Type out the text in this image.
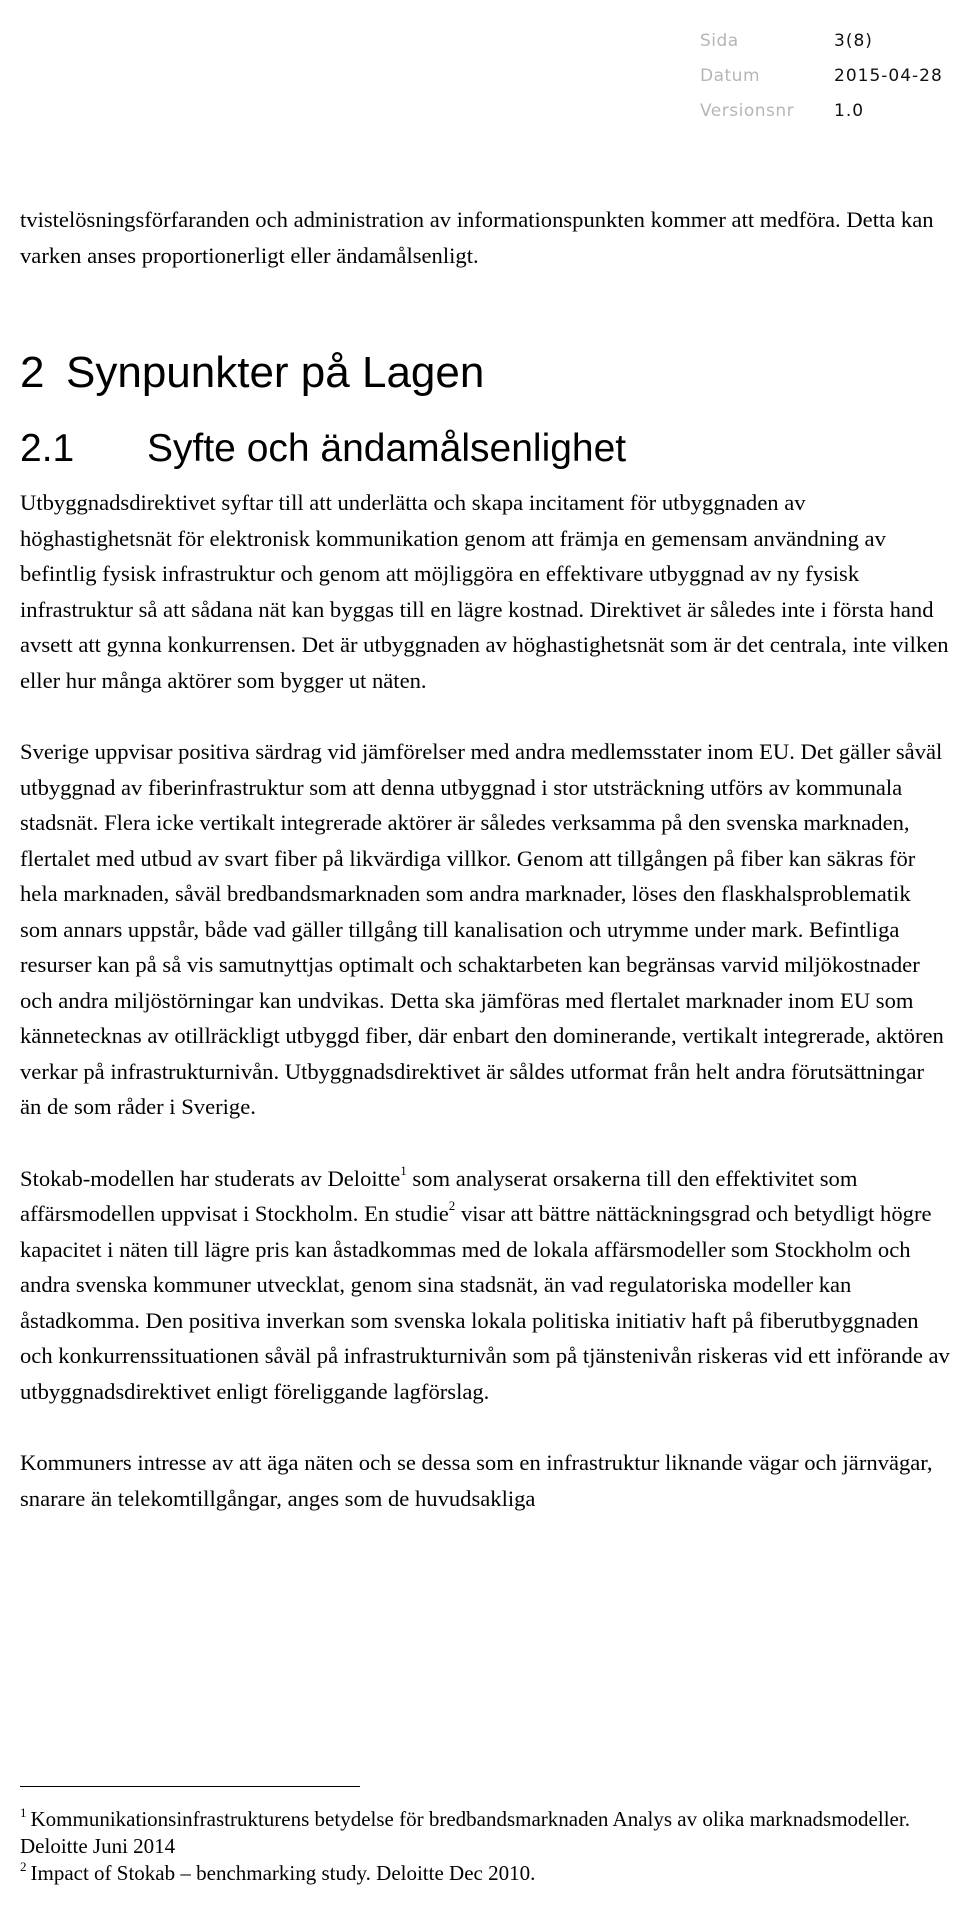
Sida	3(8)
Datum	2015-04-28
Versionsnr	1.0

tvistelösningsförfaranden och administration av informationspunkten kommer att medföra. Detta kan varken anses proportionerligt eller ändamålsenligt.

2 Synpunkter på Lagen
2.1	Syfte och ändamålsenlighet

Utbyggnadsdirektivet syftar till att underlätta och skapa incitament för utbyggnaden av höghastighetsnät för elektronisk kommunikation genom att främja en gemensam användning av befintlig fysisk infrastruktur och genom att möjliggöra en effektivare utbyggnad av ny fysisk infrastruktur så att sådana nät kan byggas till en lägre kostnad. Direktivet är således inte i första hand avsett att gynna konkurrensen. Det är utbyggnaden av höghastighetsnät som är det centrala, inte vilken eller hur många aktörer som bygger ut näten.

Sverige uppvisar positiva särdrag vid jämförelser med andra medlemsstater inom EU. Det gäller såväl utbyggnad av fiberinfrastruktur som att denna utbyggnad i stor utsträckning utförs av kommunala stadsnät. Flera icke vertikalt integrerade aktörer är således verksamma på den svenska marknaden, flertalet med utbud av svart fiber på likvärdiga villkor. Genom att tillgången på fiber kan säkras för hela marknaden, såväl bredbandsmarknaden som andra marknader, löses den flaskhalsproblematik som annars uppstår, både vad gäller tillgång till kanalisation och utrymme under mark. Befintliga resurser kan på så vis samutnyttjas optimalt och schaktarbeten kan begränsas varvid miljökostnader och andra miljöstörningar kan undvikas. Detta ska jämföras med flertalet marknader inom EU som kännetecknas av otillräckligt utbyggd fiber, där enbart den dominerande, vertikalt integrerade, aktören verkar på infrastrukturnivån. Utbyggnadsdirektivet är såldes utformat från helt andra förutsättningar än de som råder i Sverige.

Stokab-modellen har studerats av Deloitte$^1$ som analyserat orsakerna till den effektivitet som affärsmodellen uppvisat i Stockholm. En studie$^2$ visar att bättre nättäckningsgrad och betydligt högre kapacitet i näten till lägre pris kan åstadkommas med de lokala affärsmodeller som Stockholm och andra svenska kommuner utvecklat, genom sina stadsnät, än vad regulatoriska modeller kan åstadkomma. Den positiva inverkan som svenska lokala politiska initiativ haft på fiberutbyggnaden och konkurrenssituationen såväl på infrastrukturnivån som på tjänstenivån riskeras vid ett införande av utbyggnadsdirektivet enligt föreliggande lagförslag.

Kommuners intresse av att äga näten och se dessa som en infrastruktur liknande vägar och järnvägar, snarare än telekomtillgångar, anges som de huvudsakliga

$^1$ Kommunikationsinfrastrukturens betydelse för bredbandsmarknaden Analys av olika marknadsmodeller. Deloitte Juni 2014
$^2$ Impact of Stokab – benchmarking study. Deloitte Dec 2010.
